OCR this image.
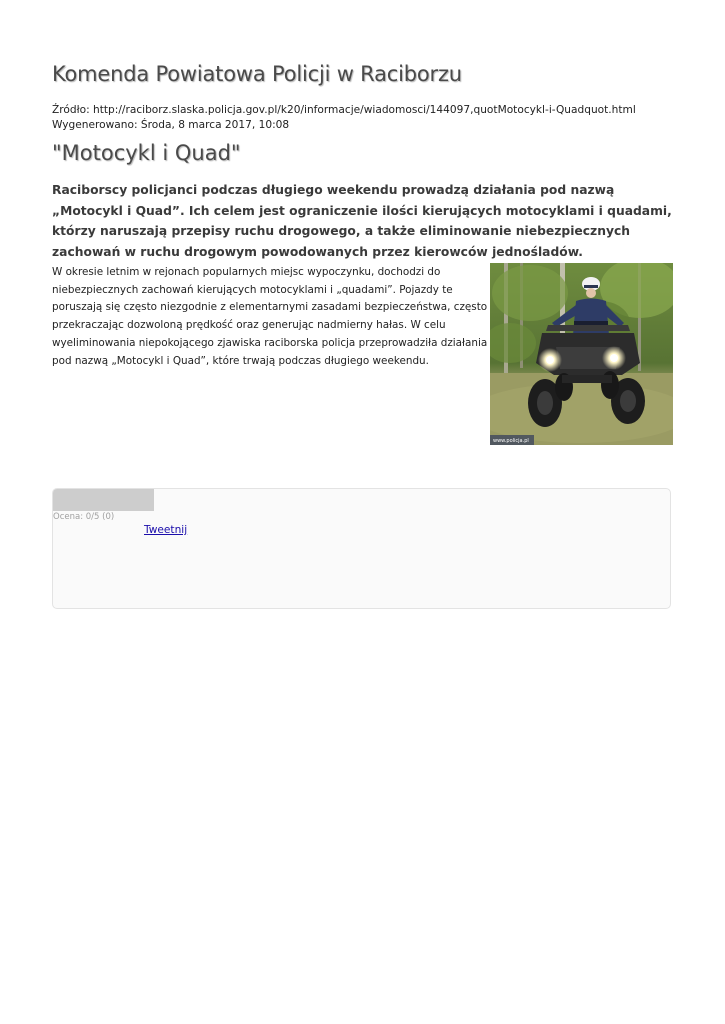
Komenda Powiatowa Policji w Raciborzu
Źródło: http://raciborz.slaska.policja.gov.pl/k20/informacje/wiadomosci/144097,quotMotocykl-i-Quadquot.html
Wygenerowano: Środa, 8 marca 2017, 10:08
"Motocykl i Quad"

Raciborscy policjanci podczas długiego weekendu prowadzą działania pod nazwą „Motocykl i Quad”. Ich celem jest ograniczenie ilości kierujących motocyklami i quadami, którzy naruszają przepisy ruchu drogowego, a także eliminowanie niebezpiecznych zachowań w ruchu drogowym powodowanych przez kierowców jednośladów.

www.policja.pl

W okresie letnim w rejonach popularnych miejsc wypoczynku, dochodzi do niebezpiecznych zachowań kierujących motocyklami i „quadami”. Pojazdy te poruszają się często niezgodnie z elementarnymi zasadami bezpieczeństwa, często przekraczając dozwoloną prędkość oraz generując nadmierny hałas. W celu wyeliminowania niepokojącego zjawiska raciborska policja przeprowadziła działania pod nazwą „Motocykl i Quad”, które trwają podczas długiego weekendu.

Ocena: 0/5 (0)
Tweetnij
